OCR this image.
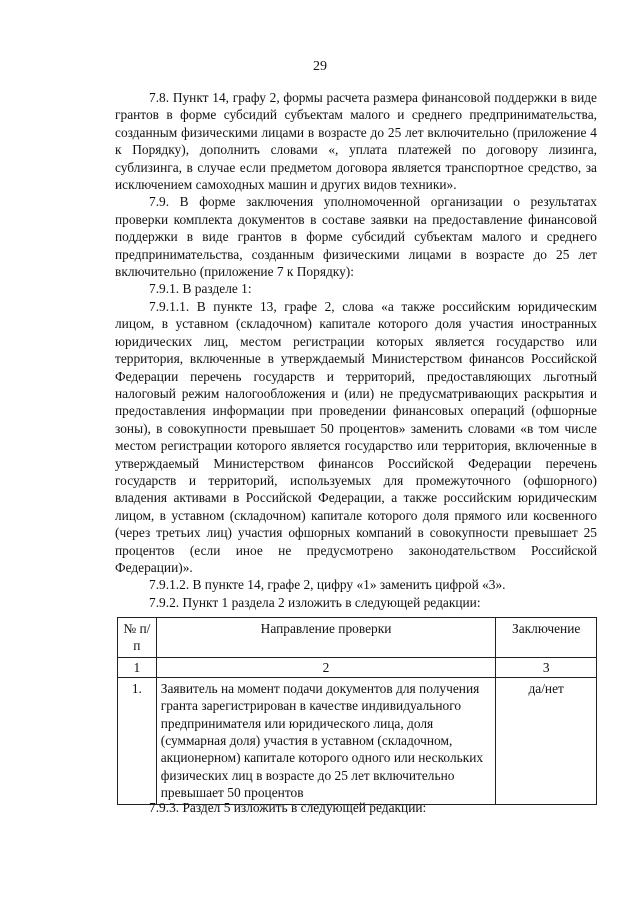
29

7.8. Пункт 14, графу 2, формы расчета размера финансовой поддержки в виде грантов в форме субсидий субъектам малого и среднего предпринимательства, созданным физическими лицами в возрасте до 25 лет включительно (приложение 4 к Порядку), дополнить словами «, уплата платежей по договору лизинга, сублизинга, в случае если предметом договора является транспортное средство, за исключением самоходных машин и других видов техники».

7.9. В форме заключения уполномоченной организации о результатах проверки комплекта документов в составе заявки на предоставление финансовой поддержки в виде грантов в форме субсидий субъектам малого и среднего предпринимательства, созданным физическими лицами в возрасте до 25 лет включительно (приложение 7 к Порядку):

7.9.1. В разделе 1:

7.9.1.1. В пункте 13, графе 2, слова «а также российским юридическим лицом, в уставном (складочном) капитале которого доля участия иностранных юридических лиц, местом регистрации которых является государство или территория, включенные в утверждаемый Министерством финансов Российской Федерации перечень государств и территорий, предоставляющих льготный налоговый режим налогообложения и (или) не предусматривающих раскрытия и предоставления информации при проведении финансовых операций (офшорные зоны), в совокупности превышает 50 процентов» заменить словами «в том числе местом регистрации которого является государство или территория, включенные в утверждаемый Министерством финансов Российской Федерации перечень государств и территорий, используемых для промежуточного (офшорного) владения активами в Российской Федерации, а также российским юридическим лицом, в уставном (складочном) капитале которого доля прямого или косвенного (через третьих лиц) участия офшорных компаний в совокупности превышает 25 процентов (если иное не предусмотрено законодательством Российской Федерации)».

7.9.1.2. В пункте 14, графе 2, цифру «1» заменить цифрой «3».

7.9.2. Пункт 1 раздела 2 изложить в следующей редакции:

№ п/п	Направление проверки	Заключение
1	2	3
1.	Заявитель на момент подачи документов для получения гранта зарегистрирован в качестве индивидуального предпринимателя или юридического лица, доля (суммарная доля) участия в уставном (складочном, акционерном) капитале которого одного или нескольких физических лиц в возрасте до 25 лет включительно превышает 50 процентов	да/нет

7.9.3. Раздел 5 изложить в следующей редакции:
